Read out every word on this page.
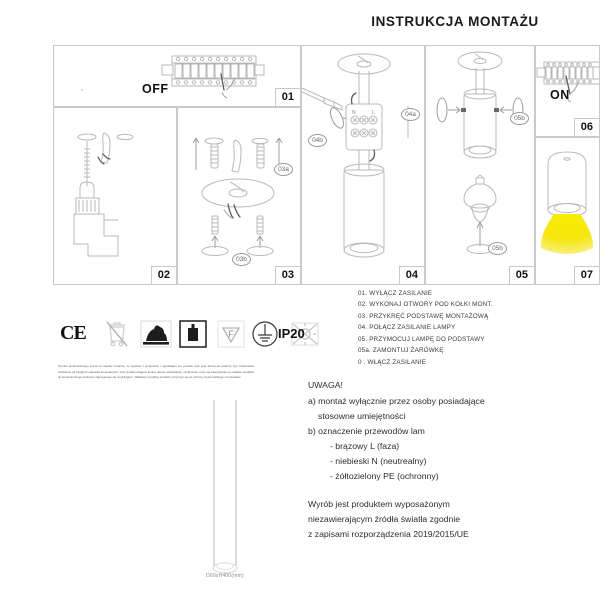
INSTRUKCJA MONTAŻU
OFF
01
02
03a
03b
03
N	L	04a
04b
04
05b
05b
05
ON
06
07
01. WYŁĄCZ ZASILANIE
02. WYKONAJ OTWORY POD KOŁKI MONT.
03. PRZYKRĘĆ PODSTAWĘ MONTAŻOWĄ
04. POŁĄCZ ZASILANIE LAMPY
05. PRZYMOCUJ LAMPĘ DO PODSTAWY
05a. ZAMONTUJ ŻARÓWKĘ
0 . WŁĄCZ ZASILANIE
CE	F	IP20
Symbol przekreślonego kosza na odpady oznacza, że zgodnie z przepisami i regulacjami ten produkt oraz jego akcesoria powinny być użytkowane oddzielnie od zwykłych odpadów komunalnych. Gdy produkt osiągnie koniec okresu eksploatacji, użytkownik może się zdecydować na oddanie produktu do kompetentnego podmiotu zajmującego się recyklingiem. Właściwy recykling produktu przyczyni się do ochrony życia ludzkiego i środowiska.
UWAGA!
a) montaż wyłącznie przez osoby posiadające
stosowne umiejętności
b) oznaczenie przewodów lam
- brązowy L (faza)
- niebieski N (neutrealny)
- żółtozielony PE (ochronny)
Wyrób jest produktem wyposażonym
niezawierającym źródła światła zgodnie
z zapisami rozporządzenia 2019/2015/UE
D60xH400(mm)
